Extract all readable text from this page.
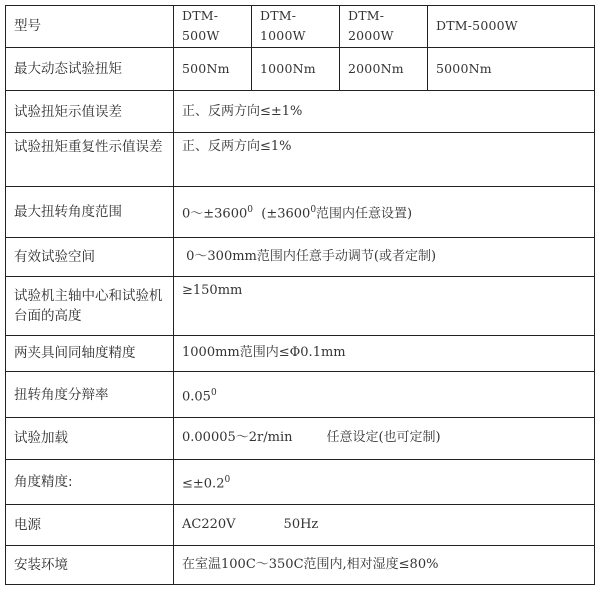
型号	DTM-500W	DTM-1000W	DTM-2000W	DTM-5000W
最大动态试验扭矩	500Nm	1000Nm	2000Nm	5000Nm
试验扭矩示值误差	正、反两方向≤±1%			
试验扭矩重复性示值误差	正、反两方向≤1%			
最大扭转角度范围	$0\sim\pm 3600^0$  ($\pm 3600^0$范围内任意设置)			
有效试验空间	0～300mm范围内任意手动调节(或者定制)			
试验机主轴中心和试验机台面的高度	≥150mm			
两夹具间同轴度精度	1000mm范围内≤Φ0.1mm			
扭转角度分辩率	0.05$^0$
试验加载	0.00005～2r/min 任意设定(也可定制)			
角度精度:	$\le\pm 0.2^0$
电源	AC220V 50Hz			
安装环境	在室温100C～350C范围内,相对湿度≤80%			
